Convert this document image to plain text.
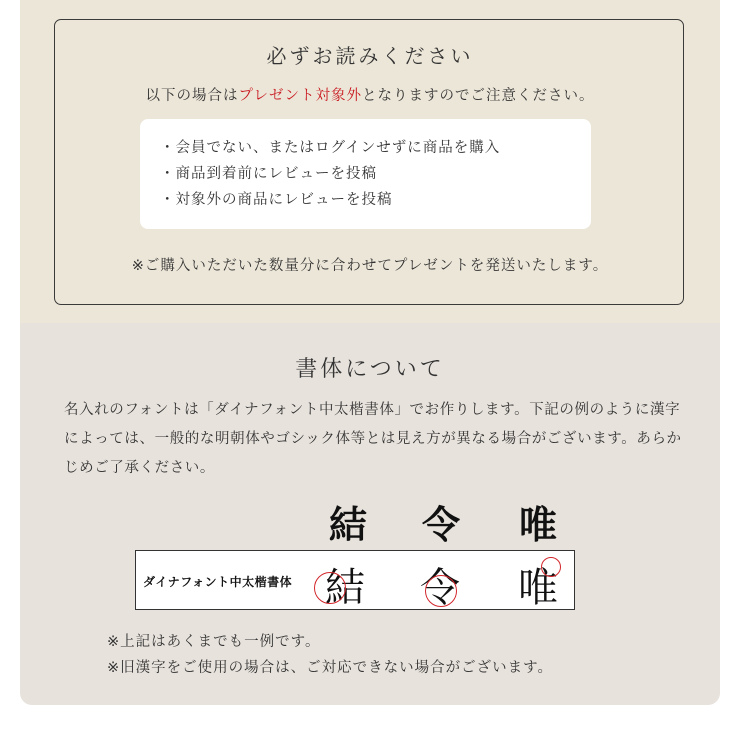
必ずお読みください
以下の場合はプレゼント対象外となりますのでご注意ください。
・会員でない、またはログインせずに商品を購入
・商品到着前にレビューを投稿
・対象外の商品にレビューを投稿
※ご購入いただいた数量分に合わせてプレゼントを発送いたします。
書体について

名入れのフォントは「ダイナフォント中太楷書体」でお作りします。下記の例のように漢字によっては、一般的な明朝体やゴシック体等とは見え方が異なる場合がございます。あらかじめご了承ください。

結 令 唯
ダイナフォント中太楷書体 結 令 唯
※上記はあくまでも一例です。
※旧漢字をご使用の場合は、ご対応できない場合がございます。
